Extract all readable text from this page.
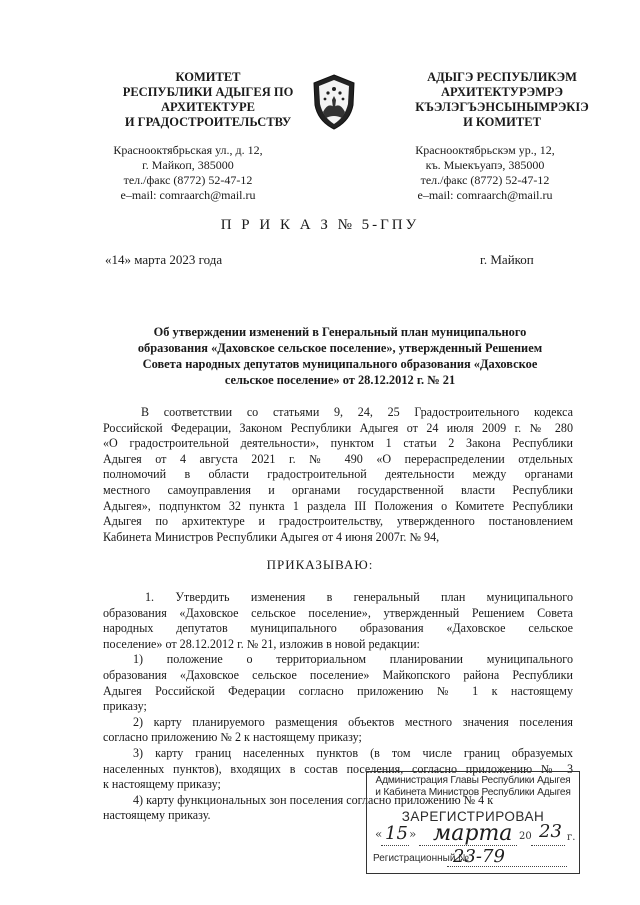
КОМИТЕТ
РЕСПУБЛИКИ АДЫГЕЯ ПО
АРХИТЕКТУРЕ
И ГРАДОСТРОИТЕЛЬСТВУ
АДЫГЭ РЕСПУБЛИКЭМ
АРХИТЕКТУРЭМРЭ
КЪЭЛЭГЪЭНСЫНЫМРЭКІЭ
И КОМИТЕТ
Красноoктябрьская ул., д. 12,
г. Майкоп, 385000
тел./факс (8772) 52-47-12
e–mail: comraarch@mail.ru
Краснооктябрьскэм ур., 12,
къ. Мыекъуапэ, 385000
тел./факс (8772) 52-47-12
e–mail: comraarch@mail.ru
П Р И К А З № 5-ГПУ
«14» марта 2023 года	г. Майкоп
Об утверждении изменений в Генеральный план муниципального
образования «Даховское сельское поселение», утвержденный Решением
Совета народных депутатов муниципального образования «Даховское
сельское поселение» от 28.12.2012 г. № 21
В соответствии со статьями 9, 24, 25 Градостроительного кодекса
Российской Федерации, Законом Республики Адыгея от 24 июля 2009 г. № 280
«О градостроительной деятельности», пунктом 1 статьи 2 Закона Республики
Адыгея от 4 августа 2021 г. № 490 «О перераспределении отдельных
полномочий в области градостроительной деятельности между органами
местного самоуправления и органами государственной власти Республики
Адыгея», подпунктом 32 пункта 1 раздела III Положения о Комитете Республики
Адыгея по архитектуре и градостроительству, утвержденного постановлением
Кабинета Министров Республики Адыгея от 4 июня 2007г. № 94,
ПРИКАЗЫВАЮ:
1. Утвердить изменения в генеральный план муниципального
образования «Даховское сельское поселение», утвержденный Решением Совета
народных депутатов муниципального образования «Даховское сельское
поселение» от 28.12.2012 г. № 21, изложив в новой редакции:
1) положение о территориальном планировании муниципального
образования «Даховское сельское поселение» Майкопского района Республики
Адыгея Российской Федерации согласно приложению № 1 к настоящему
приказу;
2) карту планируемого размещения объектов местного значения поселения
согласно приложению № 2 к настоящему приказу;
3) карту границ населенных пунктов (в том числе границ образуемых
населенных пунктов), входящих в состав поселения, согласно приложению № 3
к настоящему приказу;
4) карту функциональных зон поселения согласно приложению № 4 к
настоящему приказу.
Администрация Главы Республики Адыгея
и Кабинета Министров Республики Адыгея
ЗАРЕГИСТРИРОВАН
« 15 » марта 20 23 г.
Регистрационный №
23-79
